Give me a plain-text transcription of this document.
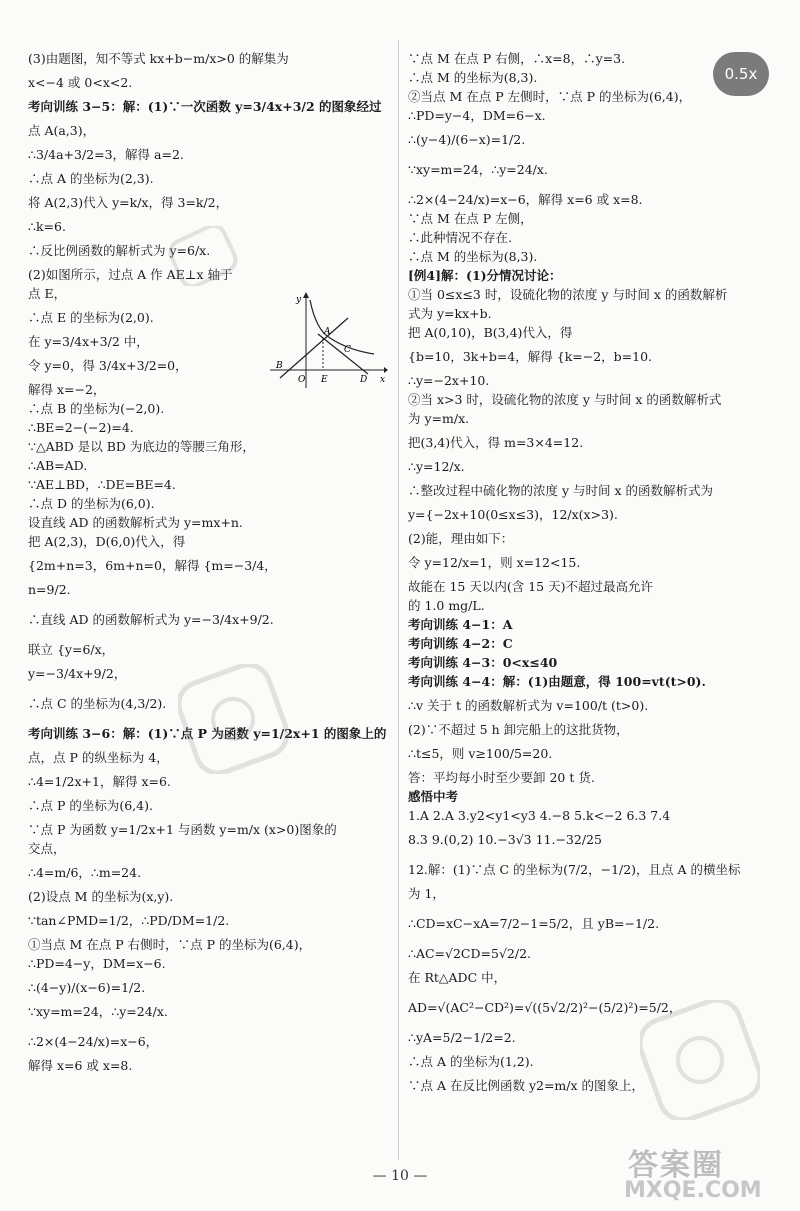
(3)由题图，知不等式 kx+b−m/x>0 的解集为
x<−4 或 0<x<2.
考向训练 3−5：解：(1)∵一次函数 y=3/4x+3/2 的图象经过
点 A(a,3)，
∴3/4a+3/2=3，解得 a=2.
∴点 A 的坐标为(2,3).
将 A(2,3)代入 y=k/x，得 3=k/2，
∴k=6.
∴反比例函数的解析式为 y=6/x.
(2)如图所示，过点 A 作 AE⊥x 轴于
点 E，
∴点 E 的坐标为(2,0).
在 y=3/4x+3/2 中，
令 y=0，得 3/4x+3/2=0，
解得 x=−2，
∴点 B 的坐标为(−2,0).
∴BE=2−(−2)=4.
∵△ABD 是以 BD 为底边的等腰三角形，
∴AB=AD.
∵AE⊥BD，∴DE=BE=4.
∴点 D 的坐标为(6,0).
设直线 AD 的函数解析式为 y=mx+n.
把 A(2,3)，D(6,0)代入，得
{2m+n=3，6m+n=0，解得 {m=−3/4，
n=9/2.
∴直线 AD 的函数解析式为 y=−3/4x+9/2.
联立 {y=6/x，
y=−3/4x+9/2，
∴点 C 的坐标为(4,3/2).
考向训练 3−6：解：(1)∵点 P 为函数 y=1/2x+1 的图象上的
点，点 P 的纵坐标为 4，
∴4=1/2x+1，解得 x=6.
∴点 P 的坐标为(6,4).
∵点 P 为函数 y=1/2x+1 与函数 y=m/x (x>0)图象的
交点，
∴4=m/6，∴m=24.
(2)设点 M 的坐标为(x,y).
∵tan∠PMD=1/2，∴PD/DM=1/2.
①当点 M 在点 P 右侧时，∵点 P 的坐标为(6,4)，
∴PD=4−y，DM=x−6.
∴(4−y)/(x−6)=1/2.
∵xy=m=24，∴y=24/x.
∴2×(4−24/x)=x−6，
解得 x=6 或 x=8.
∵点 M 在点 P 右侧，∴x=8，∴y=3.
∴点 M 的坐标为(8,3).
②当点 M 在点 P 左侧时，∵点 P 的坐标为(6,4)，
∴PD=y−4，DM=6−x.
∴(y−4)/(6−x)=1/2.
∵xy=m=24，∴y=24/x.
∴2×(4−24/x)=x−6，解得 x=6 或 x=8.
∵点 M 在点 P 左侧，
∴此种情况不存在.
∴点 M 的坐标为(8,3).
[例4]解：(1)分情况讨论：
①当 0≤x≤3 时，设硫化物的浓度 y 与时间 x 的函数解析
式为 y=kx+b.
把 A(0,10)，B(3,4)代入，得
{b=10，3k+b=4，解得 {k=−2，b=10.
∴y=−2x+10.
②当 x>3 时，设硫化物的浓度 y 与时间 x 的函数解析式
为 y=m/x.
把(3,4)代入，得 m=3×4=12.
∴y=12/x.
∴整改过程中硫化物的浓度 y 与时间 x 的函数解析式为
y={−2x+10(0≤x≤3)，12/x(x>3).
(2)能，理由如下：
令 y=12/x=1，则 x=12<15.
故能在 15 天以内(含 15 天)不超过最高允许
的 1.0 mg/L.
考向训练 4−1：A
考向训练 4−2：C
考向训练 4−3：0<x≤40
考向训练 4−4：解：(1)由题意，得 100=vt(t>0).
∴v 关于 t 的函数解析式为 v=100/t (t>0).
(2)∵不超过 5 h 卸完船上的这批货物，
∴t≤5，则 v≥100/5=20.
答：平均每小时至少要卸 20 t 货.
感悟中考
1.A 2.A 3.y2<y1<y3 4.−8 5.k<−2 6.3 7.4
8.3 9.(0,2) 10.−3√3 11.−32/25
12.解：(1)∵点 C 的坐标为(7/2，−1/2)，且点 A 的横坐标
为 1，
∴CD=xC−xA=7/2−1=5/2，且 yB=−1/2.
∴AC=√2CD=5√2/2.
在 Rt△ADC 中，
AD=√(AC²−CD²)=√((5√2/2)²−(5/2)²)=5/2，
∴yA=5/2−1/2=2.
∴点 A 的坐标为(1,2).
∵点 A 在反比例函数 y2=m/x 的图象上，
y
x
A
B
C
D
E
O
答案圈
MXQE.COM
0.5x
— 10 —
